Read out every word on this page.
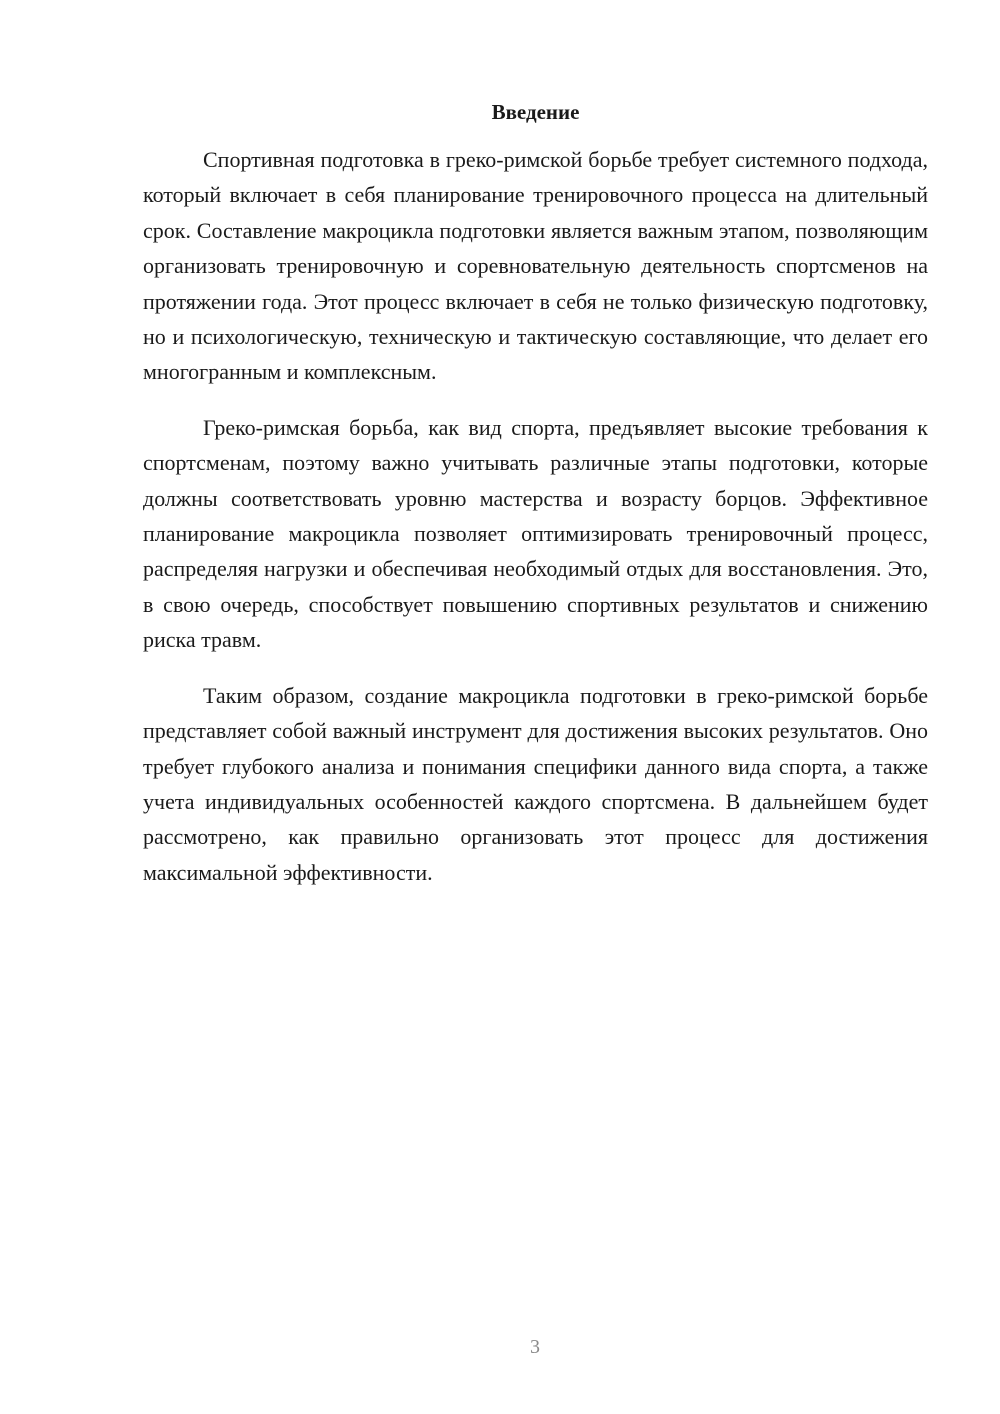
Введение

Спортивная подготовка в греко-римской борьбе требует системного подхода, который включает в себя планирование тренировочного процесса на длительный срок. Составление макроцикла подготовки является важным этапом, позволяющим организовать тренировочную и соревновательную деятельность спортсменов на протяжении года. Этот процесс включает в себя не только физическую подготовку, но и психологическую, техническую и тактическую составляющие, что делает его многогранным и комплексным.

Греко-римская борьба, как вид спорта, предъявляет высокие требования к спортсменам, поэтому важно учитывать различные этапы подготовки, которые должны соответствовать уровню мастерства и возрасту борцов. Эффективное планирование макроцикла позволяет оптимизировать тренировочный процесс, распределяя нагрузки и обеспечивая необходимый отдых для восстановления. Это, в свою очередь, способствует повышению спортивных результатов и снижению риска травм.

Таким образом, создание макроцикла подготовки в греко-римской борьбе представляет собой важный инструмент для достижения высоких результатов. Оно требует глубокого анализа и понимания специфики данного вида спорта, а также учета индивидуальных особенностей каждого спортсмена. В дальнейшем будет рассмотрено, как правильно организовать этот процесс для достижения максимальной эффективности.

3
